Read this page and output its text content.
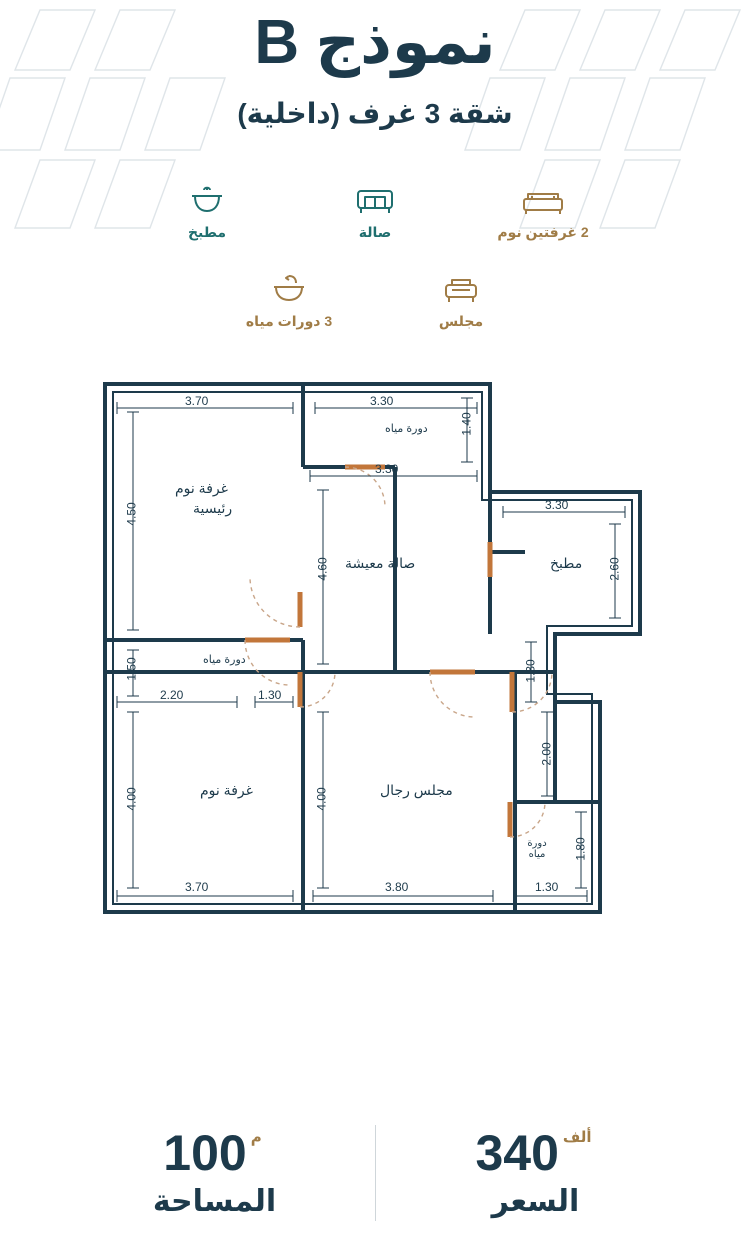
نموذج B
شقة 3 غرف (داخلية)
2 غرفتين نوم
صالة
مطبخ
مجلس
3 دورات مياه
3.70	3.30
1.40
4.50
3.30
4.60
3.30
2.60
1.50
2.20	1.30
4.00	4.00
1.30
2.00
1.80
3.70	3.80	1.30
غرفة نوم
رئيسية
دورة مياه
صالة معيشة	مطبخ
دورة مياه
غرفة نوم	مجلس رجال
دورة مياه
ألف340
السعر
م100
المساحة
